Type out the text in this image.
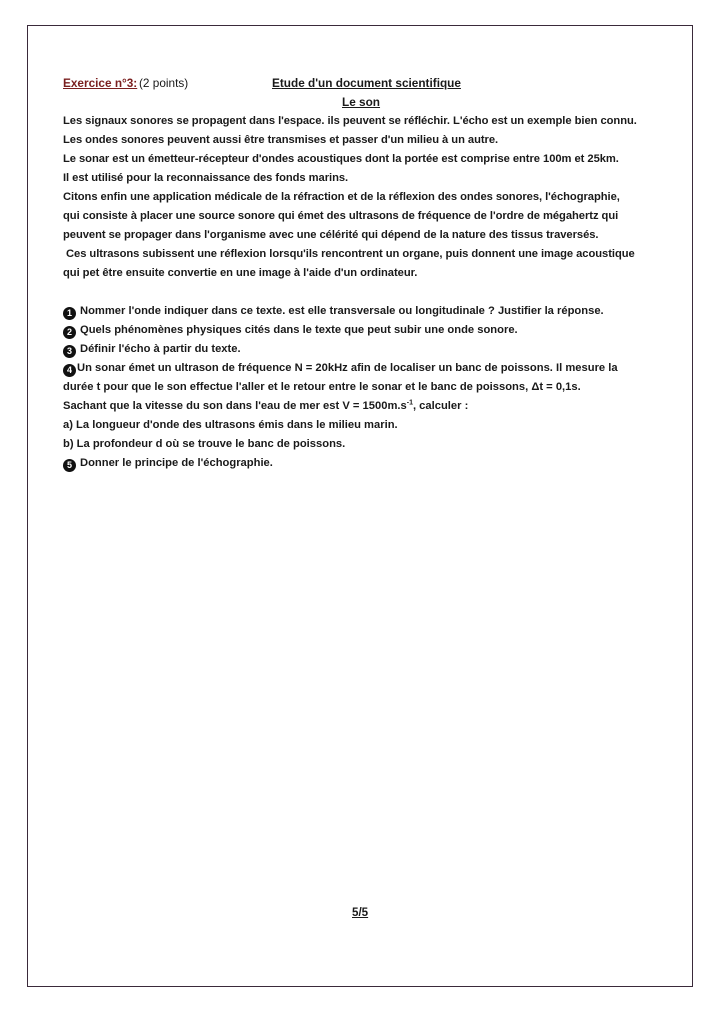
Exercice n°3: (2 points)	Etude d'un document scientifique
Le son

Les signaux sonores se propagent dans l'espace. ils peuvent se réfléchir. L'écho est un exemple bien connu.

Les ondes sonores peuvent aussi être transmises et passer d'un milieu à un autre.

Le sonar est un émetteur-récepteur d'ondes acoustiques dont la portée est comprise entre 100m et 25km.

Il est utilisé pour la reconnaissance des fonds marins.

Citons enfin une application médicale de la réfraction et de la réflexion des ondes sonores, l'échographie,

qui consiste à placer une source sonore qui émet des ultrasons de fréquence de l'ordre de mégahertz qui

peuvent se propager dans l'organisme avec une célérité qui dépend de la nature des tissus traversés.

Ces ultrasons subissent une réflexion lorsqu'ils rencontrent un organe, puis donnent une image acoustique

qui pet être ensuite convertie en une image à l'aide d'un ordinateur.

1 Nommer l'onde indiquer dans ce texte. est elle transversale ou longitudinale ? Justifier la réponse.

2 Quels phénomènes physiques cités dans le texte que peut subir une onde sonore.

3 Définir l'écho à partir du texte.

4 Un sonar émet un ultrason de fréquence N = 20kHz afin de localiser un banc de poissons. Il mesure la

durée t pour que le son effectue l'aller et le retour entre le sonar et le banc de poissons, Δt = 0,1s.

Sachant que la vitesse du son dans l'eau de mer est $V = 1500m.s^{-1}$, calculer :

a) La longueur d'onde des ultrasons émis dans le milieu marin.

b) La profondeur d où se trouve le banc de poissons.

5 Donner le principe de l'échographie.

5/5
